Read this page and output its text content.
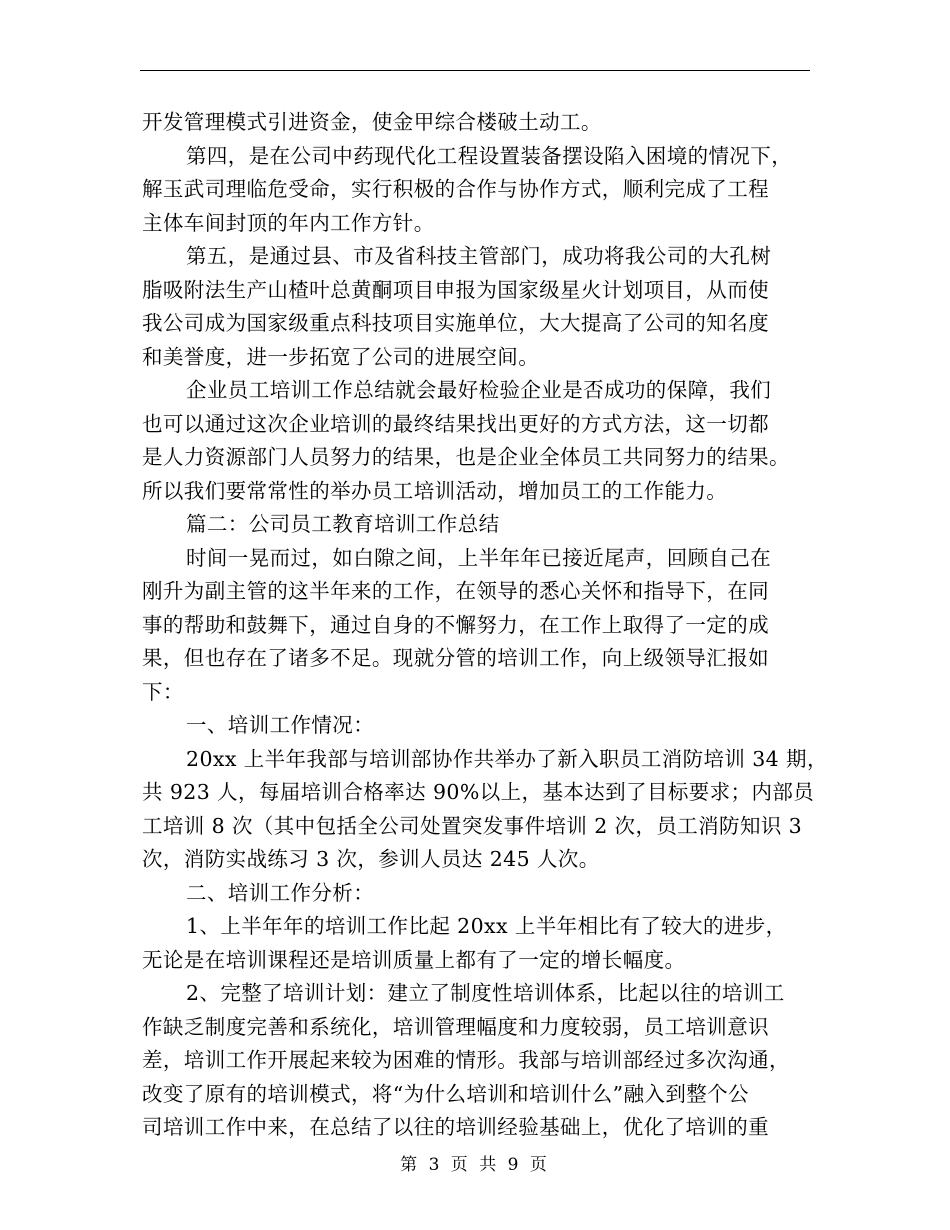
开发管理模式引进资金，使金甲综合楼破土动工。
第四，是在公司中药现代化工程设置装备摆设陷入困境的情况下，
解玉武司理临危受命，实行积极的合作与协作方式，顺利完成了工程
主体车间封顶的年内工作方针。
第五，是通过县、市及省科技主管部门，成功将我公司的大孔树
脂吸附法生产山楂叶总黄酮项目申报为国家级星火计划项目，从而使
我公司成为国家级重点科技项目实施单位，大大提高了公司的知名度
和美誉度，进一步拓宽了公司的进展空间。
企业员工培训工作总结就会最好检验企业是否成功的保障，我们
也可以通过这次企业培训的最终结果找出更好的方式方法，这一切都
是人力资源部门人员努力的结果，也是企业全体员工共同努力的结果。
所以我们要常常性的举办员工培训活动，增加员工的工作能力。
篇二：公司员工教育培训工作总结
时间一晃而过，如白隙之间，上半年年已接近尾声，回顾自己在
刚升为副主管的这半年来的工作，在领导的悉心关怀和指导下，在同
事的帮助和鼓舞下，通过自身的不懈努力，在工作上取得了一定的成
果，但也存在了诸多不足。现就分管的培训工作，向上级领导汇报如
下：
一、培训工作情况：
20xx 上半年我部与培训部协作共举办了新入职员工消防培训 34 期，
共 923 人，每届培训合格率达 90%以上，基本达到了目标要求；内部员
工培训 8 次（其中包括全公司处置突发事件培训 2 次，员工消防知识 3
次，消防实战练习 3 次，参训人员达 245 人次。
二、培训工作分析：
1、上半年年的培训工作比起 20xx 上半年相比有了较大的进步，
无论是在培训课程还是培训质量上都有了一定的增长幅度。
2、完整了培训计划：建立了制度性培训体系，比起以往的培训工
作缺乏制度完善和系统化，培训管理幅度和力度较弱，员工培训意识
差，培训工作开展起来较为困难的情形。我部与培训部经过多次沟通，
改变了原有的培训模式，将“为什么培训和培训什么”融入到整个公
司培训工作中来，在总结了以往的培训经验基础上，优化了培训的重
第 3 页 共 9 页
